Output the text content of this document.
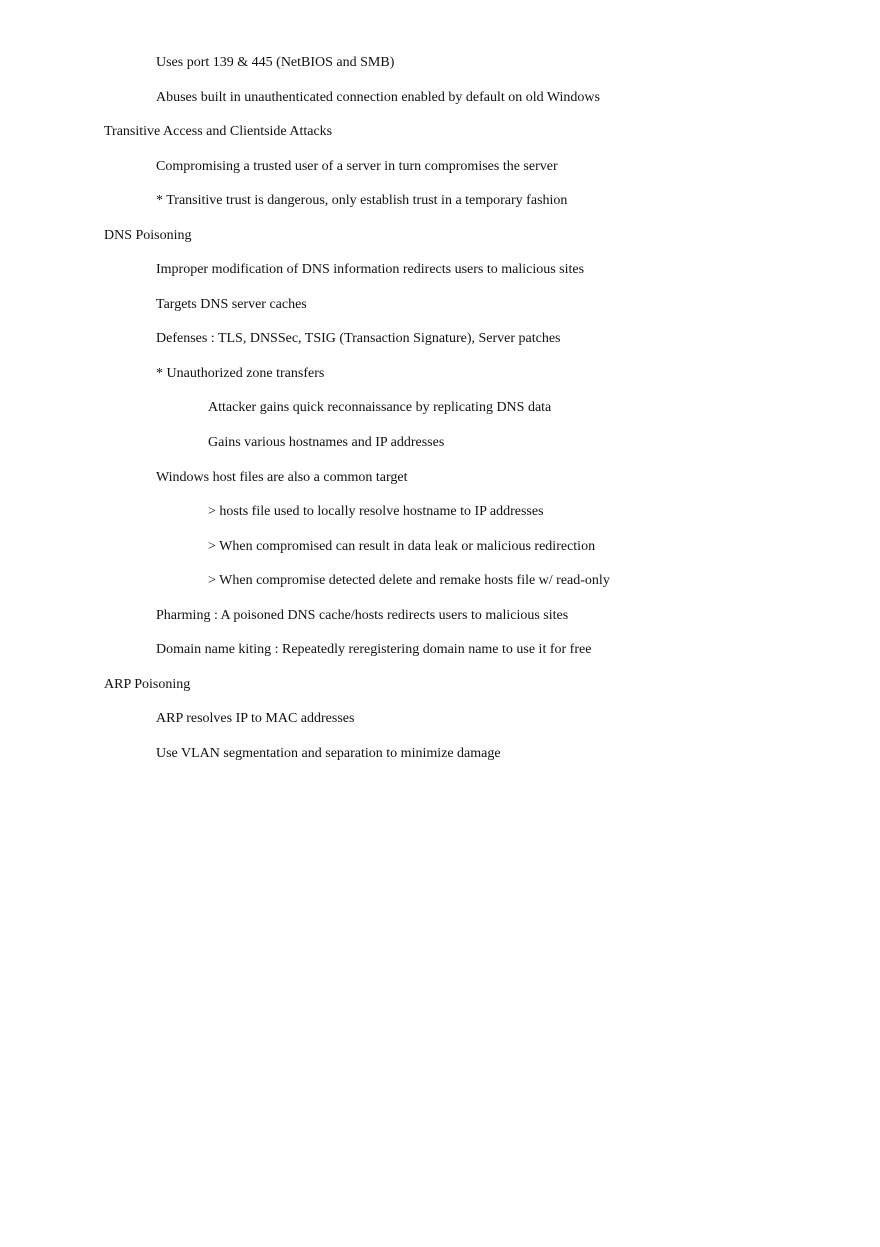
Uses port 139 & 445 (NetBIOS and SMB)
Abuses built in unauthenticated connection enabled by default on old Windows
Transitive Access and Clientside Attacks
Compromising a trusted user of a server in turn compromises the server
* Transitive trust is dangerous, only establish trust in a temporary fashion
DNS Poisoning
Improper modification of DNS information redirects users to malicious sites
Targets DNS server caches
Defenses : TLS, DNSSec, TSIG (Transaction Signature), Server patches
* Unauthorized zone transfers
Attacker gains quick reconnaissance by replicating DNS data
Gains various hostnames and IP addresses
Windows host files are also a common target
> hosts file used to locally resolve hostname to IP addresses
> When compromised can result in data leak or malicious redirection
> When compromise detected delete and remake hosts file w/ read-only
Pharming : A poisoned DNS cache/hosts redirects users to malicious sites
Domain name kiting : Repeatedly reregistering domain name to use it for free
ARP Poisoning
ARP resolves IP to MAC addresses
Use VLAN segmentation and separation to minimize damage
